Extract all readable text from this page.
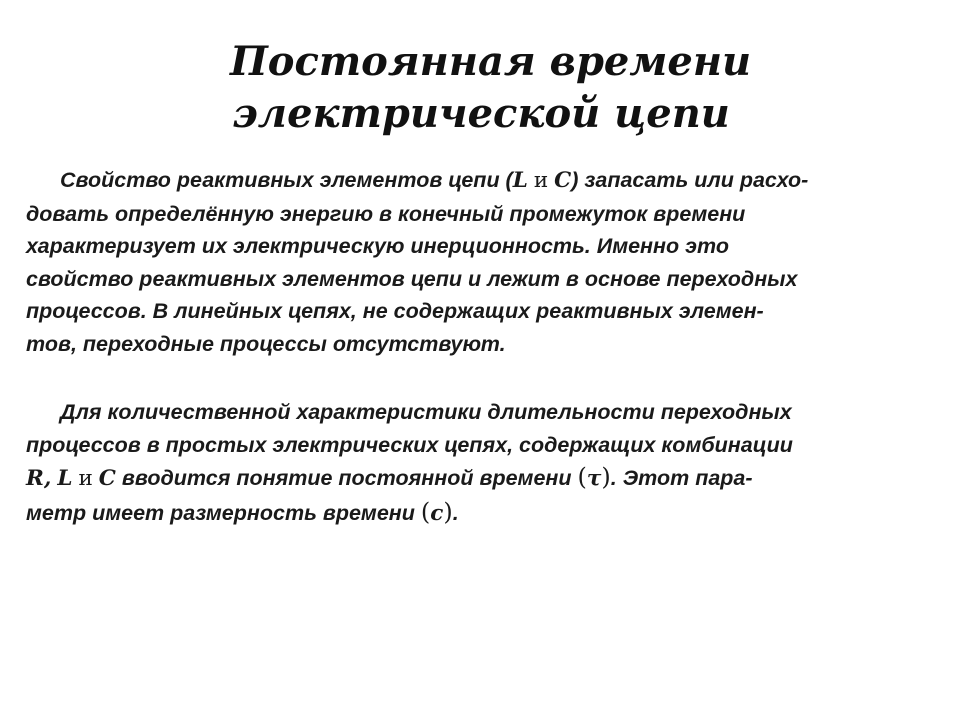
Постоянная времени
электрической цепи
Свойство реактивных элементов цепи (L и C) запасать или расхо-
довать определённую энергию в конечный промежуток времени
характеризует их электрическую инерционность. Именно это
свойство реактивных элементов цепи и лежит в основе переходных
процессов. В линейных цепях, не содержащих реактивных элемен-
тов, переходные процессы отсутствуют.
Для количественной характеристики длительности переходных
процессов в простых электрических цепях, содержащих комбинации
R, L и C вводится понятие постоянной времени (τ). Этот пара-
метр имеет размерность времени (c).
